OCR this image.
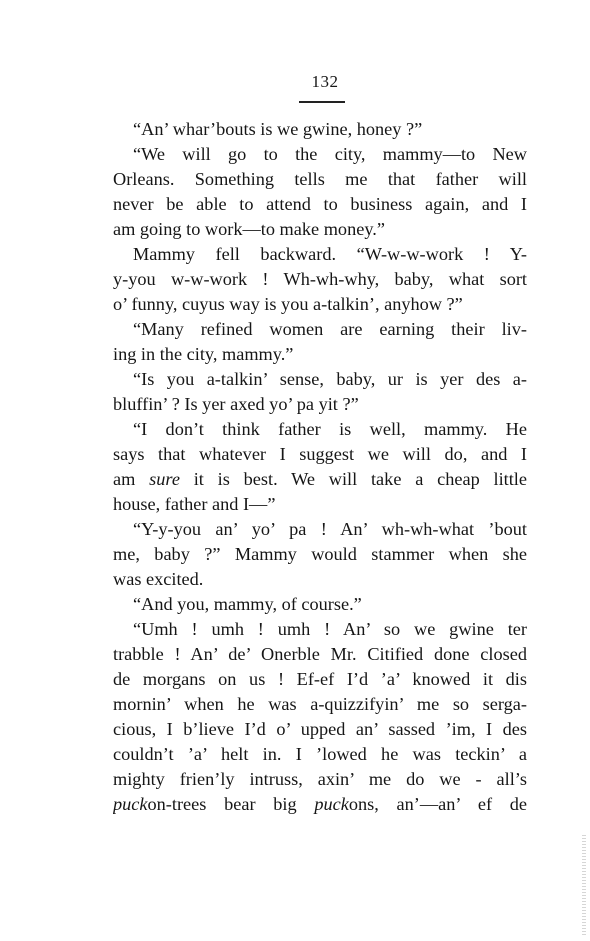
132
“An’ whar’bouts is we gwine, honey ?”
“We will go to the city, mammy—to New
Orleans. Something tells me that father will
never be able to attend to business again, and I
am going to work—to make money.”
Mammy fell backward. “W-w-w-work ! Y-
y-you w-w-work ! Wh-wh-why, baby, what sort
o’ funny, cuyus way is you a-talkin’, anyhow ?”
“Many refined women are earning their liv-
ing in the city, mammy.”
“Is you a-talkin’ sense, baby, ur is yer des a-
bluffin’ ? Is yer axed yo’ pa yit ?”
“I don’t think father is well, mammy. He
says that whatever I suggest we will do, and I
am sure it is best. We will take a cheap little
house, father and I—”
“Y-y-you an’ yo’ pa ! An’ wh-wh-what ’bout
me, baby ?” Mammy would stammer when she
was excited.
“And you, mammy, of course.”
“Umh ! umh ! umh ! An’ so we gwine ter
trabble ! An’ de’ Onerble Mr. Citified done closed
de morgans on us ! Ef-ef I’d ’a’ knowed it dis
mornin’ when he was a-quizzifyin’ me so serga-
cious, I b’lieve I’d o’ upped an’ sassed ’im, I des
couldn’t ’a’ helt in. I ’lowed he was teckin’ a
mighty frien’ly intruss, axin’ me do we - all’s
puckon-trees bear big puckons, an’—an’ ef de
